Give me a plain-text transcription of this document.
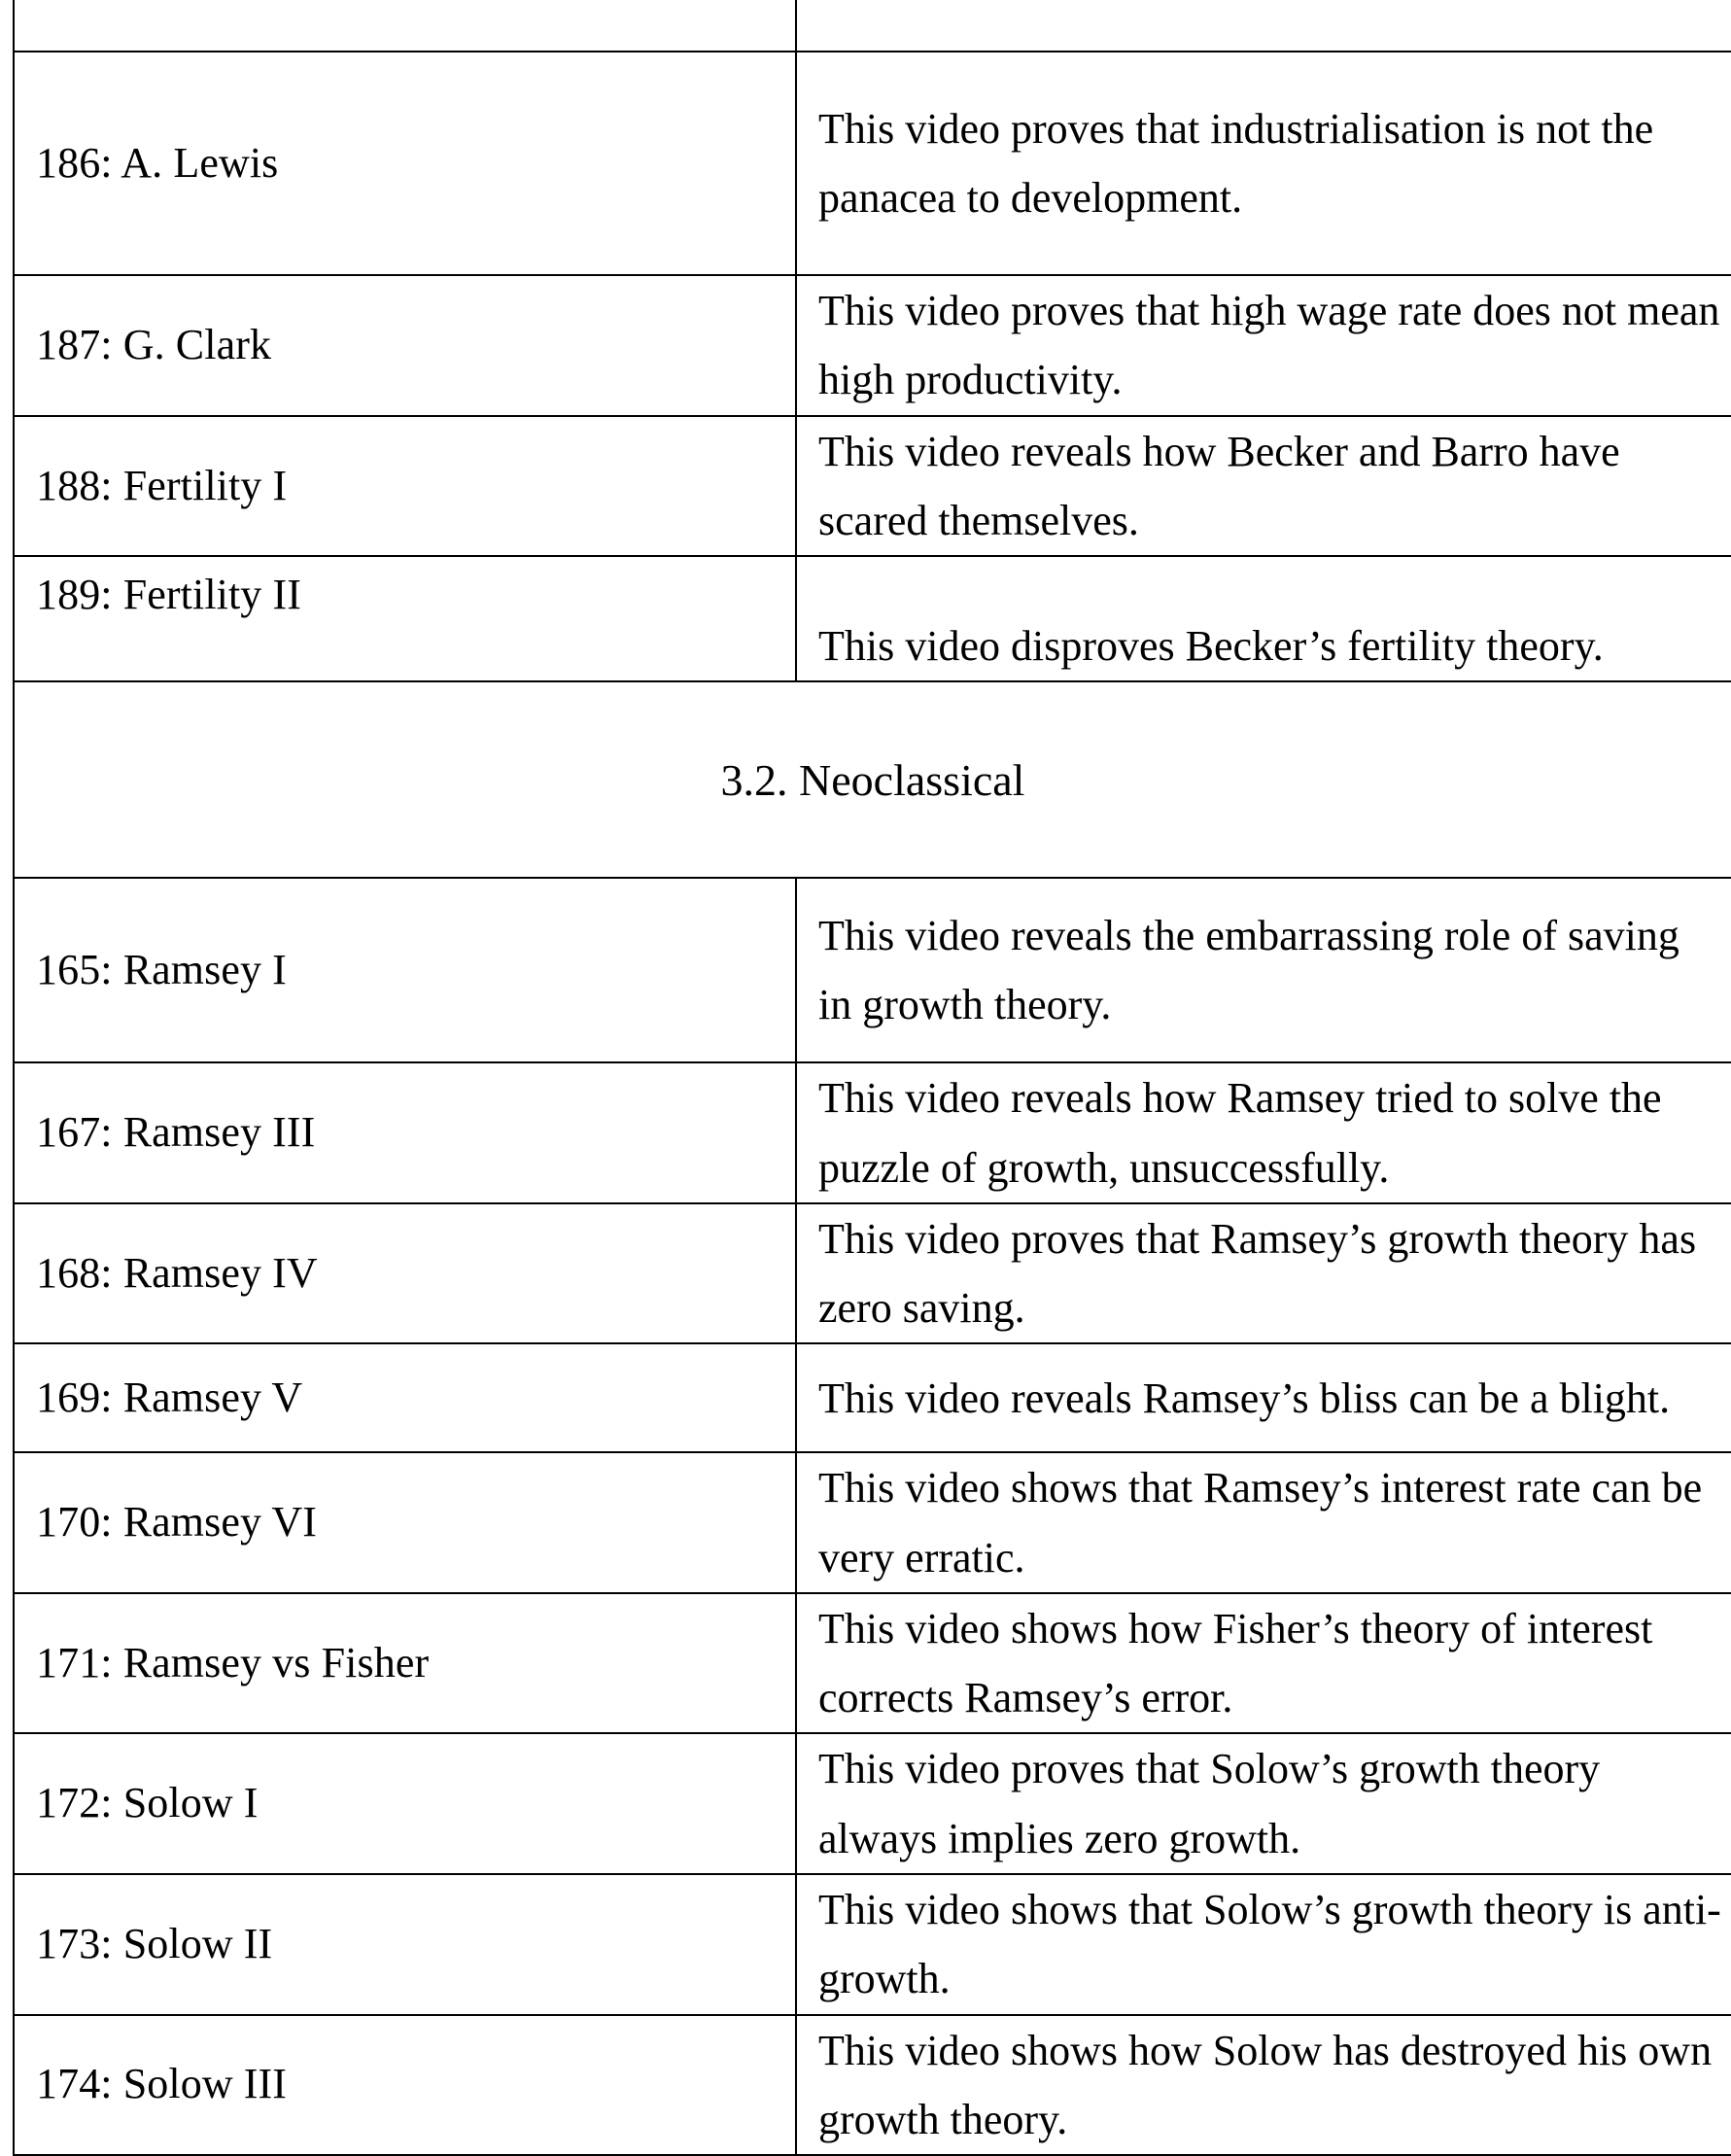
186: A. Lewis	This video proves that industrialisation is not the panacea to development.

187: G. Clark	This video proves that high wage rate does not mean high productivity.

188: Fertility I	This video reveals how Becker and Barro have scared themselves.

189: Fertility II	This video disproves Becker’s fertility theory.

3.2. Neoclassical	

165: Ramsey I	This video reveals the embarrassing role of saving in growth theory.

167: Ramsey III	This video reveals how Ramsey tried to solve the puzzle of growth, unsuccessfully.

168: Ramsey IV	This video proves that Ramsey’s growth theory has zero saving.

169: Ramsey V	This video reveals Ramsey’s bliss can be a blight.

170: Ramsey VI	This video shows that Ramsey’s interest rate can be very erratic.

171: Ramsey vs Fisher	This video shows how Fisher’s theory of interest corrects Ramsey’s error.

172: Solow I	This video proves that Solow’s growth theory always implies zero growth.

173: Solow II	This video shows that Solow’s growth theory is anti-growth.

174: Solow III	This video shows how Solow has destroyed his own growth theory.
